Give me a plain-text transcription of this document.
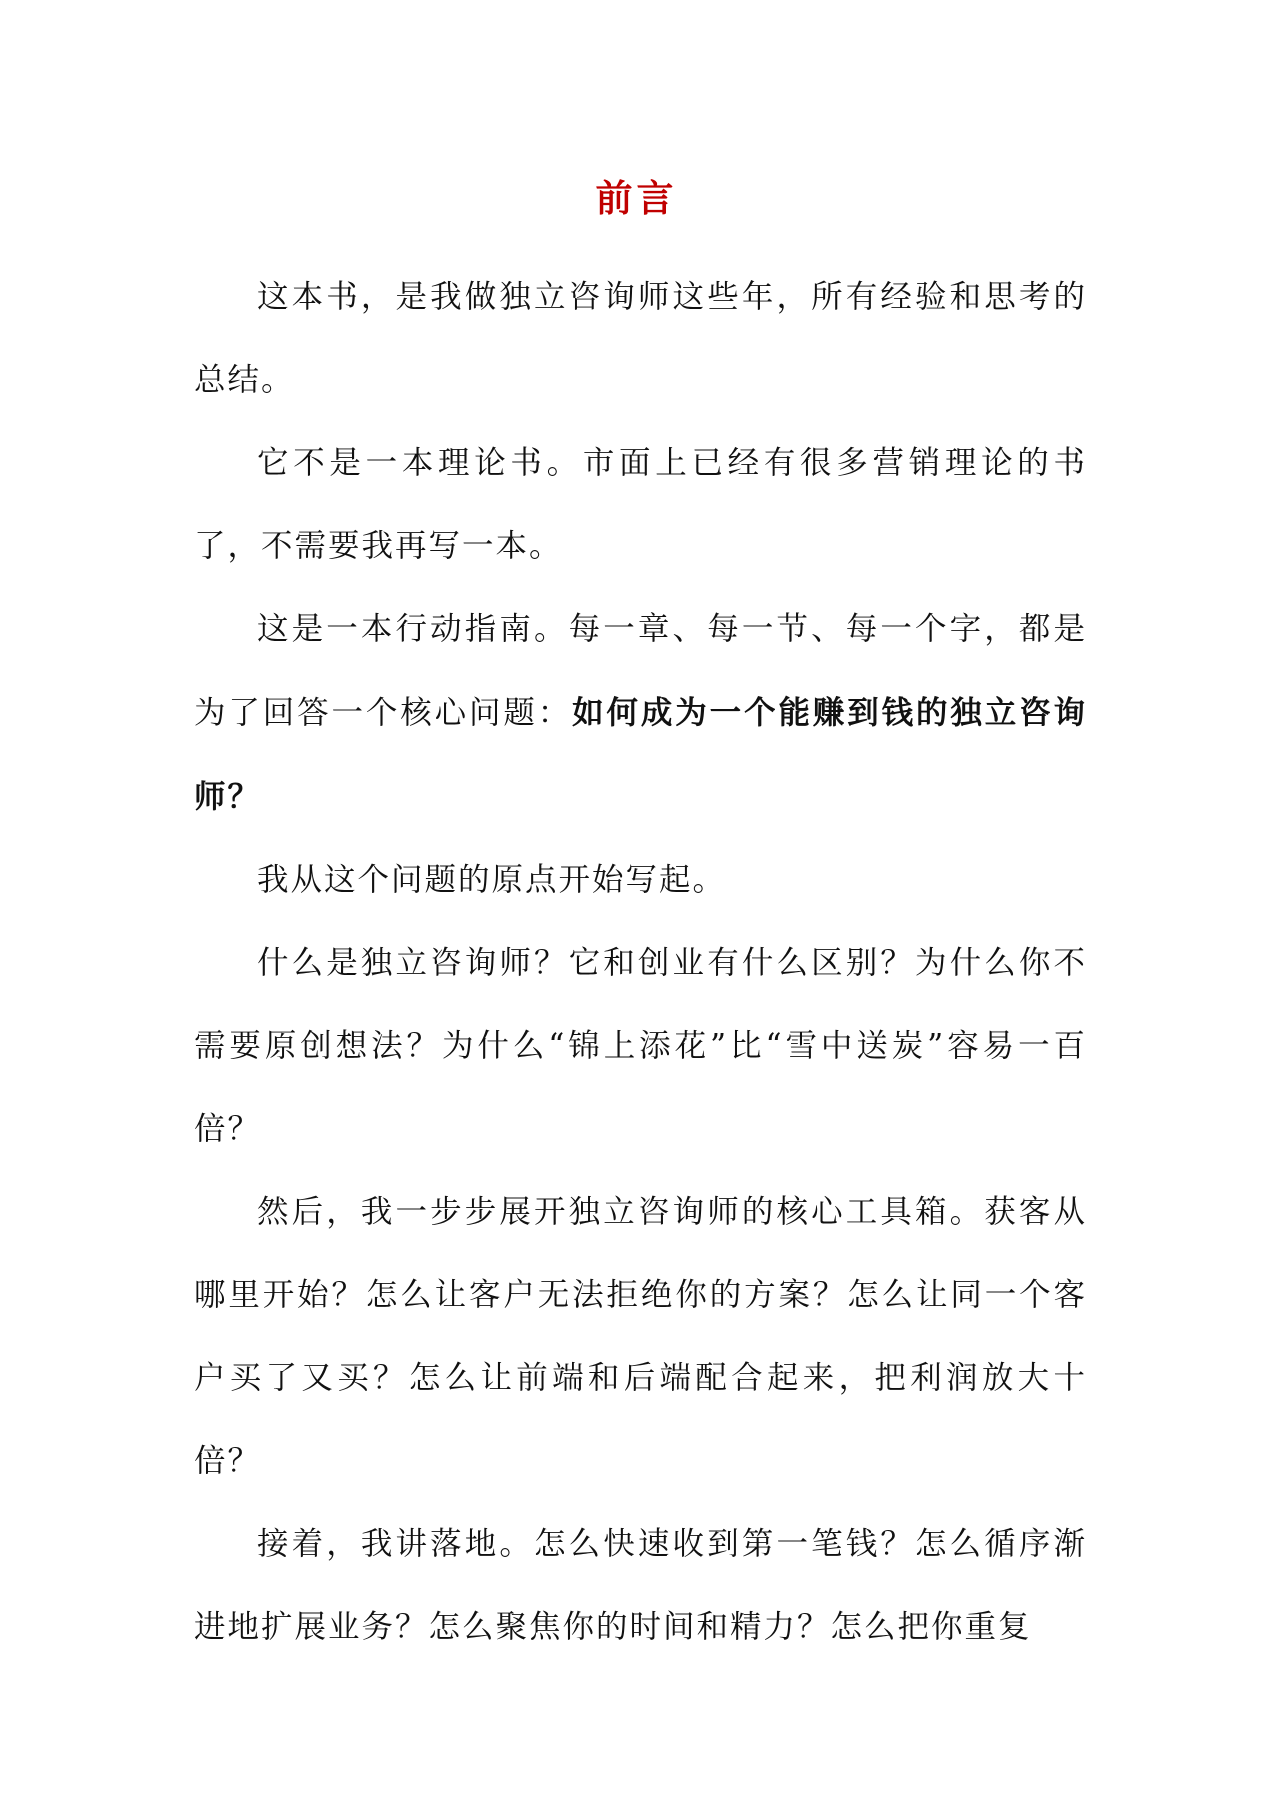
前言

这本书，是我做独立咨询师这些年，所有经验和思考的总结。

它不是一本理论书。市面上已经有很多营销理论的书了，不需要我再写一本。

这是一本行动指南。每一章、每一节、每一个字，都是为了回答一个核心问题：如何成为一个能赚到钱的独立咨询师？

我从这个问题的原点开始写起。

什么是独立咨询师？它和创业有什么区别？为什么你不需要原创想法？为什么“锦上添花”比“雪中送炭”容易一百倍？

然后，我一步步展开独立咨询师的核心工具箱。获客从哪里开始？怎么让客户无法拒绝你的方案？怎么让同一个客户买了又买？怎么让前端和后端配合起来，把利润放大十倍？

接着，我讲落地。怎么快速收到第一笔钱？怎么循序渐进地扩展业务？怎么聚焦你的时间和精力？怎么把你重复
